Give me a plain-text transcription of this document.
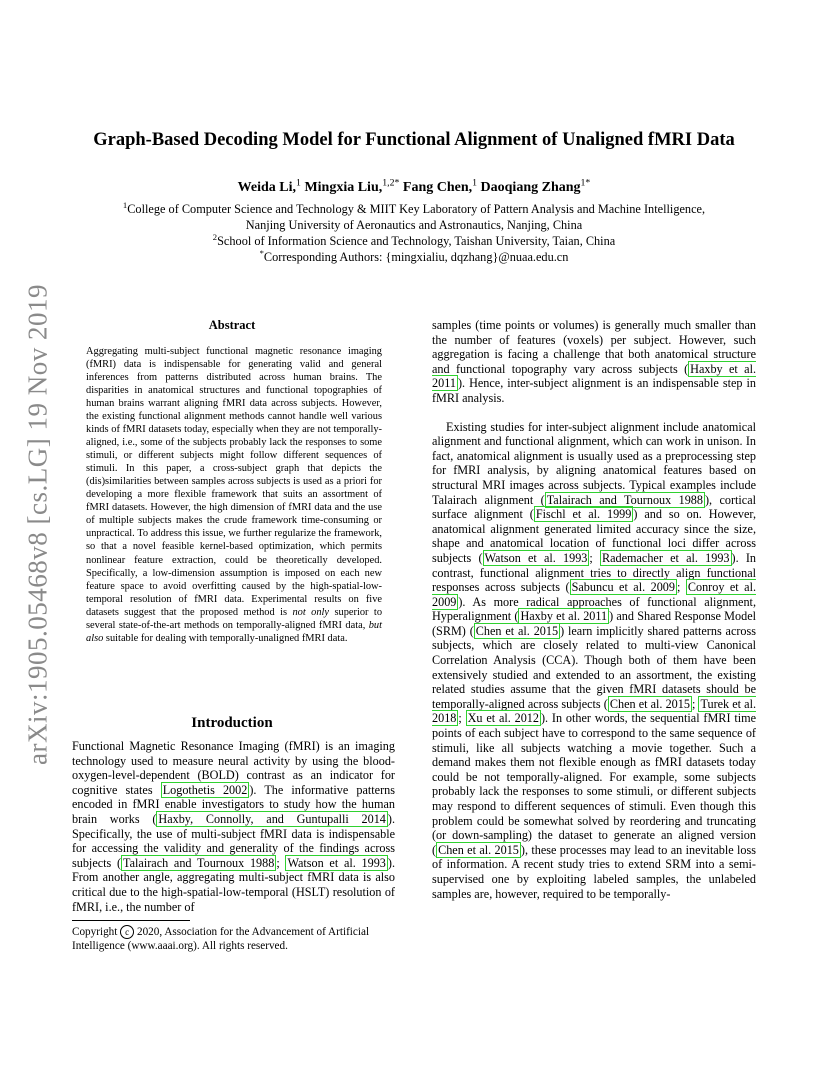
arXiv:1905.05468v8 [cs.LG] 19 Nov 2019
Graph-Based Decoding Model for Functional Alignment of Unaligned fMRI Data
Weida Li,$^1$ Mingxia Liu,$^{1,2*}$ Fang Chen,$^1$ Daoqiang Zhang$^{1*}$
$^1$College of Computer Science and Technology & MIIT Key Laboratory of Pattern Analysis and Machine Intelligence,
Nanjing University of Aeronautics and Astronautics, Nanjing, China
$^2$School of Information Science and Technology, Taishan University, Taian, China
*Corresponding Authors: {mingxialiu, dqzhang}@nuaa.edu.cn
Abstract

Aggregating multi-subject functional magnetic resonance imaging (fMRI) data is indispensable for generating valid and general inferences from patterns distributed across human brains. The disparities in anatomical structures and functional topographies of human brains warrant aligning fMRI data across subjects. However, the existing functional alignment methods cannot handle well various kinds of fMRI datasets today, especially when they are not temporally-aligned, i.e., some of the subjects probably lack the responses to some stimuli, or different subjects might follow different sequences of stimuli. In this paper, a cross-subject graph that depicts the (dis)similarities between samples across subjects is used as a priori for developing a more flexible framework that suits an assortment of fMRI datasets. However, the high dimension of fMRI data and the use of multiple subjects makes the crude framework time-consuming or unpractical. To address this issue, we further regularize the framework, so that a novel feasible kernel-based optimization, which permits nonlinear feature extraction, could be theoretically developed. Specifically, a low-dimension assumption is imposed on each new feature space to avoid overfitting caused by the high-spatial-low-temporal resolution of fMRI data. Experimental results on five datasets suggest that the proposed method is not only superior to several state-of-the-art methods on temporally-aligned fMRI data, but also suitable for dealing with temporally-unaligned fMRI data.

Introduction

Functional Magnetic Resonance Imaging (fMRI) is an imaging technology used to measure neural activity by using the blood-oxygen-level-dependent (BOLD) contrast as an indicator for cognitive states Logothetis 2002 ). The informative patterns encoded in fMRI enable investigators to study how the human brain works ( Haxby, Connolly, and Guntupalli 2014 ). Specifically, the use of multi-subject fMRI data is indispensable for accessing the validity and generality of the findings across subjects ( Talairach and Tournoux 1988 ; Watson et al. 1993 ). From another angle, aggregating multi-subject fMRI data is also critical due to the high-spatial-low-temporal (HSLT) resolution of fMRI, i.e., the number of

samples (time points or volumes) is generally much smaller than the number of features (voxels) per subject. However, such aggregation is facing a challenge that both anatomical structure and functional topography vary across subjects ( Haxby et al. 2011 ). Hence, inter-subject alignment is an indispensable step in fMRI analysis.

Existing studies for inter-subject alignment include anatomical alignment and functional alignment, which can work in unison. In fact, anatomical alignment is usually used as a preprocessing step for fMRI analysis, by aligning anatomical features based on structural MRI images across subjects. Typical examples include Talairach alignment ( Talairach and Tournoux 1988 ), cortical surface alignment ( Fischl et al. 1999 ) and so on. However, anatomical alignment generated limited accuracy since the size, shape and anatomical location of functional loci differ across subjects ( Watson et al. 1993 ; Rademacher et al. 1993 ). In contrast, functional alignment tries to directly align functional responses across subjects ( Sabuncu et al. 2009 ; Conroy et al. 2009 ). As more radical approaches of functional alignment, Hyperalignment ( Haxby et al. 2011 ) and Shared Response Model (SRM) ( Chen et al. 2015 ) learn implicitly shared patterns across subjects, which are closely related to multi-view Canonical Correlation Analysis (CCA). Though both of them have been extensively studied and extended to an assortment, the existing related studies assume that the given fMRI datasets should be temporally-aligned across subjects ( Chen et al. 2015 ; Turek et al. 2018 ; Xu et al. 2012 ). In other words, the sequential fMRI time points of each subject have to correspond to the same sequence of stimuli, like all subjects watching a movie together. Such a demand makes them not flexible enough as fMRI datasets today could be not temporally-aligned. For example, some subjects probably lack the responses to some stimuli, or different subjects may respond to different sequences of stimuli. Even though this problem could be somewhat solved by reordering and truncating (or down-sampling) the dataset to generate an aligned version ( Chen et al. 2015 ), these processes may lead to an inevitable loss of information. A recent study tries to extend SRM into a semi-supervised one by exploiting labeled samples, the unlabeled samples are, however, required to be temporally-

Copyright c 2020, Association for the Advancement of Artificial Intelligence (www.aaai.org). All rights reserved.
